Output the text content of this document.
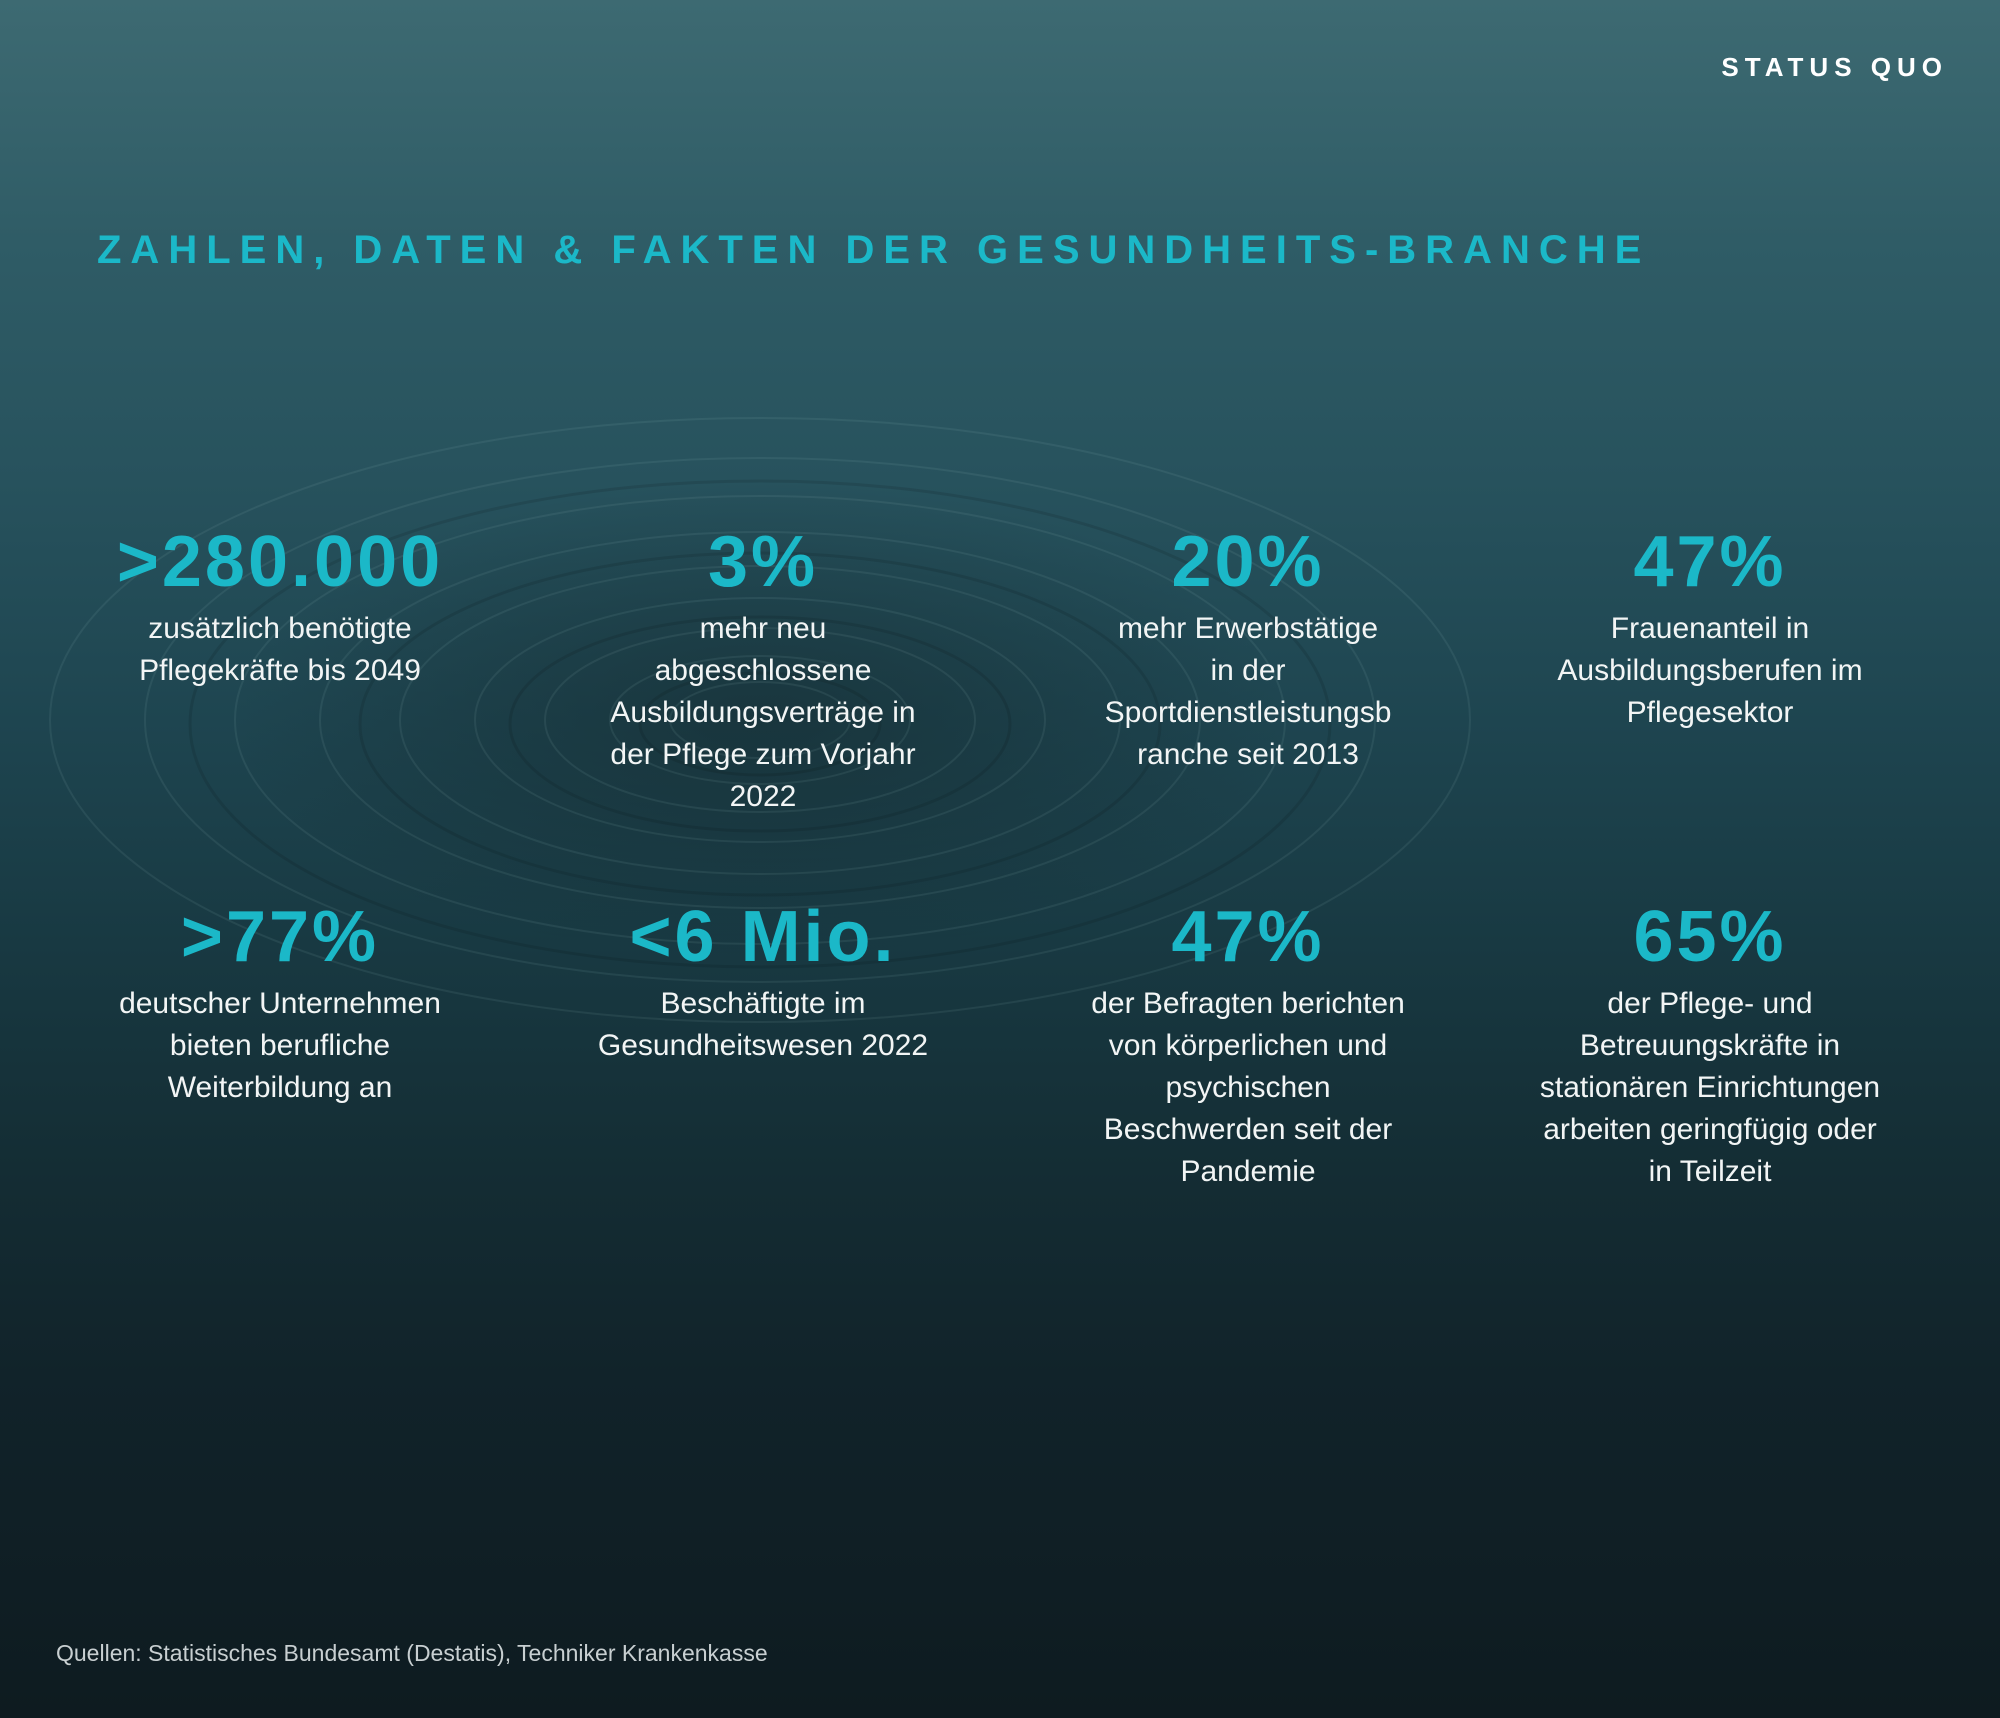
STATUS QUO
ZAHLEN, DATEN & FAKTEN DER GESUNDHEITS-BRANCHE
>280.000
zusätzlich benötigte
Pflegekräfte bis 2049
3%
mehr neu
abgeschlossene
Ausbildungsverträge in
der Pflege zum Vorjahr
2022
20%
mehr Erwerbstätige
in der
Sportdienstleistungsb
ranche seit 2013
47%
Frauenanteil in
Ausbildungsberufen im
Pflegesektor
>77%
deutscher Unternehmen
bieten berufliche
Weiterbildung an
<6 Mio.
Beschäftigte im
Gesundheitswesen 2022
47%
der Befragten berichten
von körperlichen und
psychischen
Beschwerden seit der
Pandemie
65%
der Pflege- und
Betreuungskräfte in
stationären Einrichtungen
arbeiten geringfügig oder
in Teilzeit

Quellen: Statistisches Bundesamt (Destatis), Techniker Krankenkasse
